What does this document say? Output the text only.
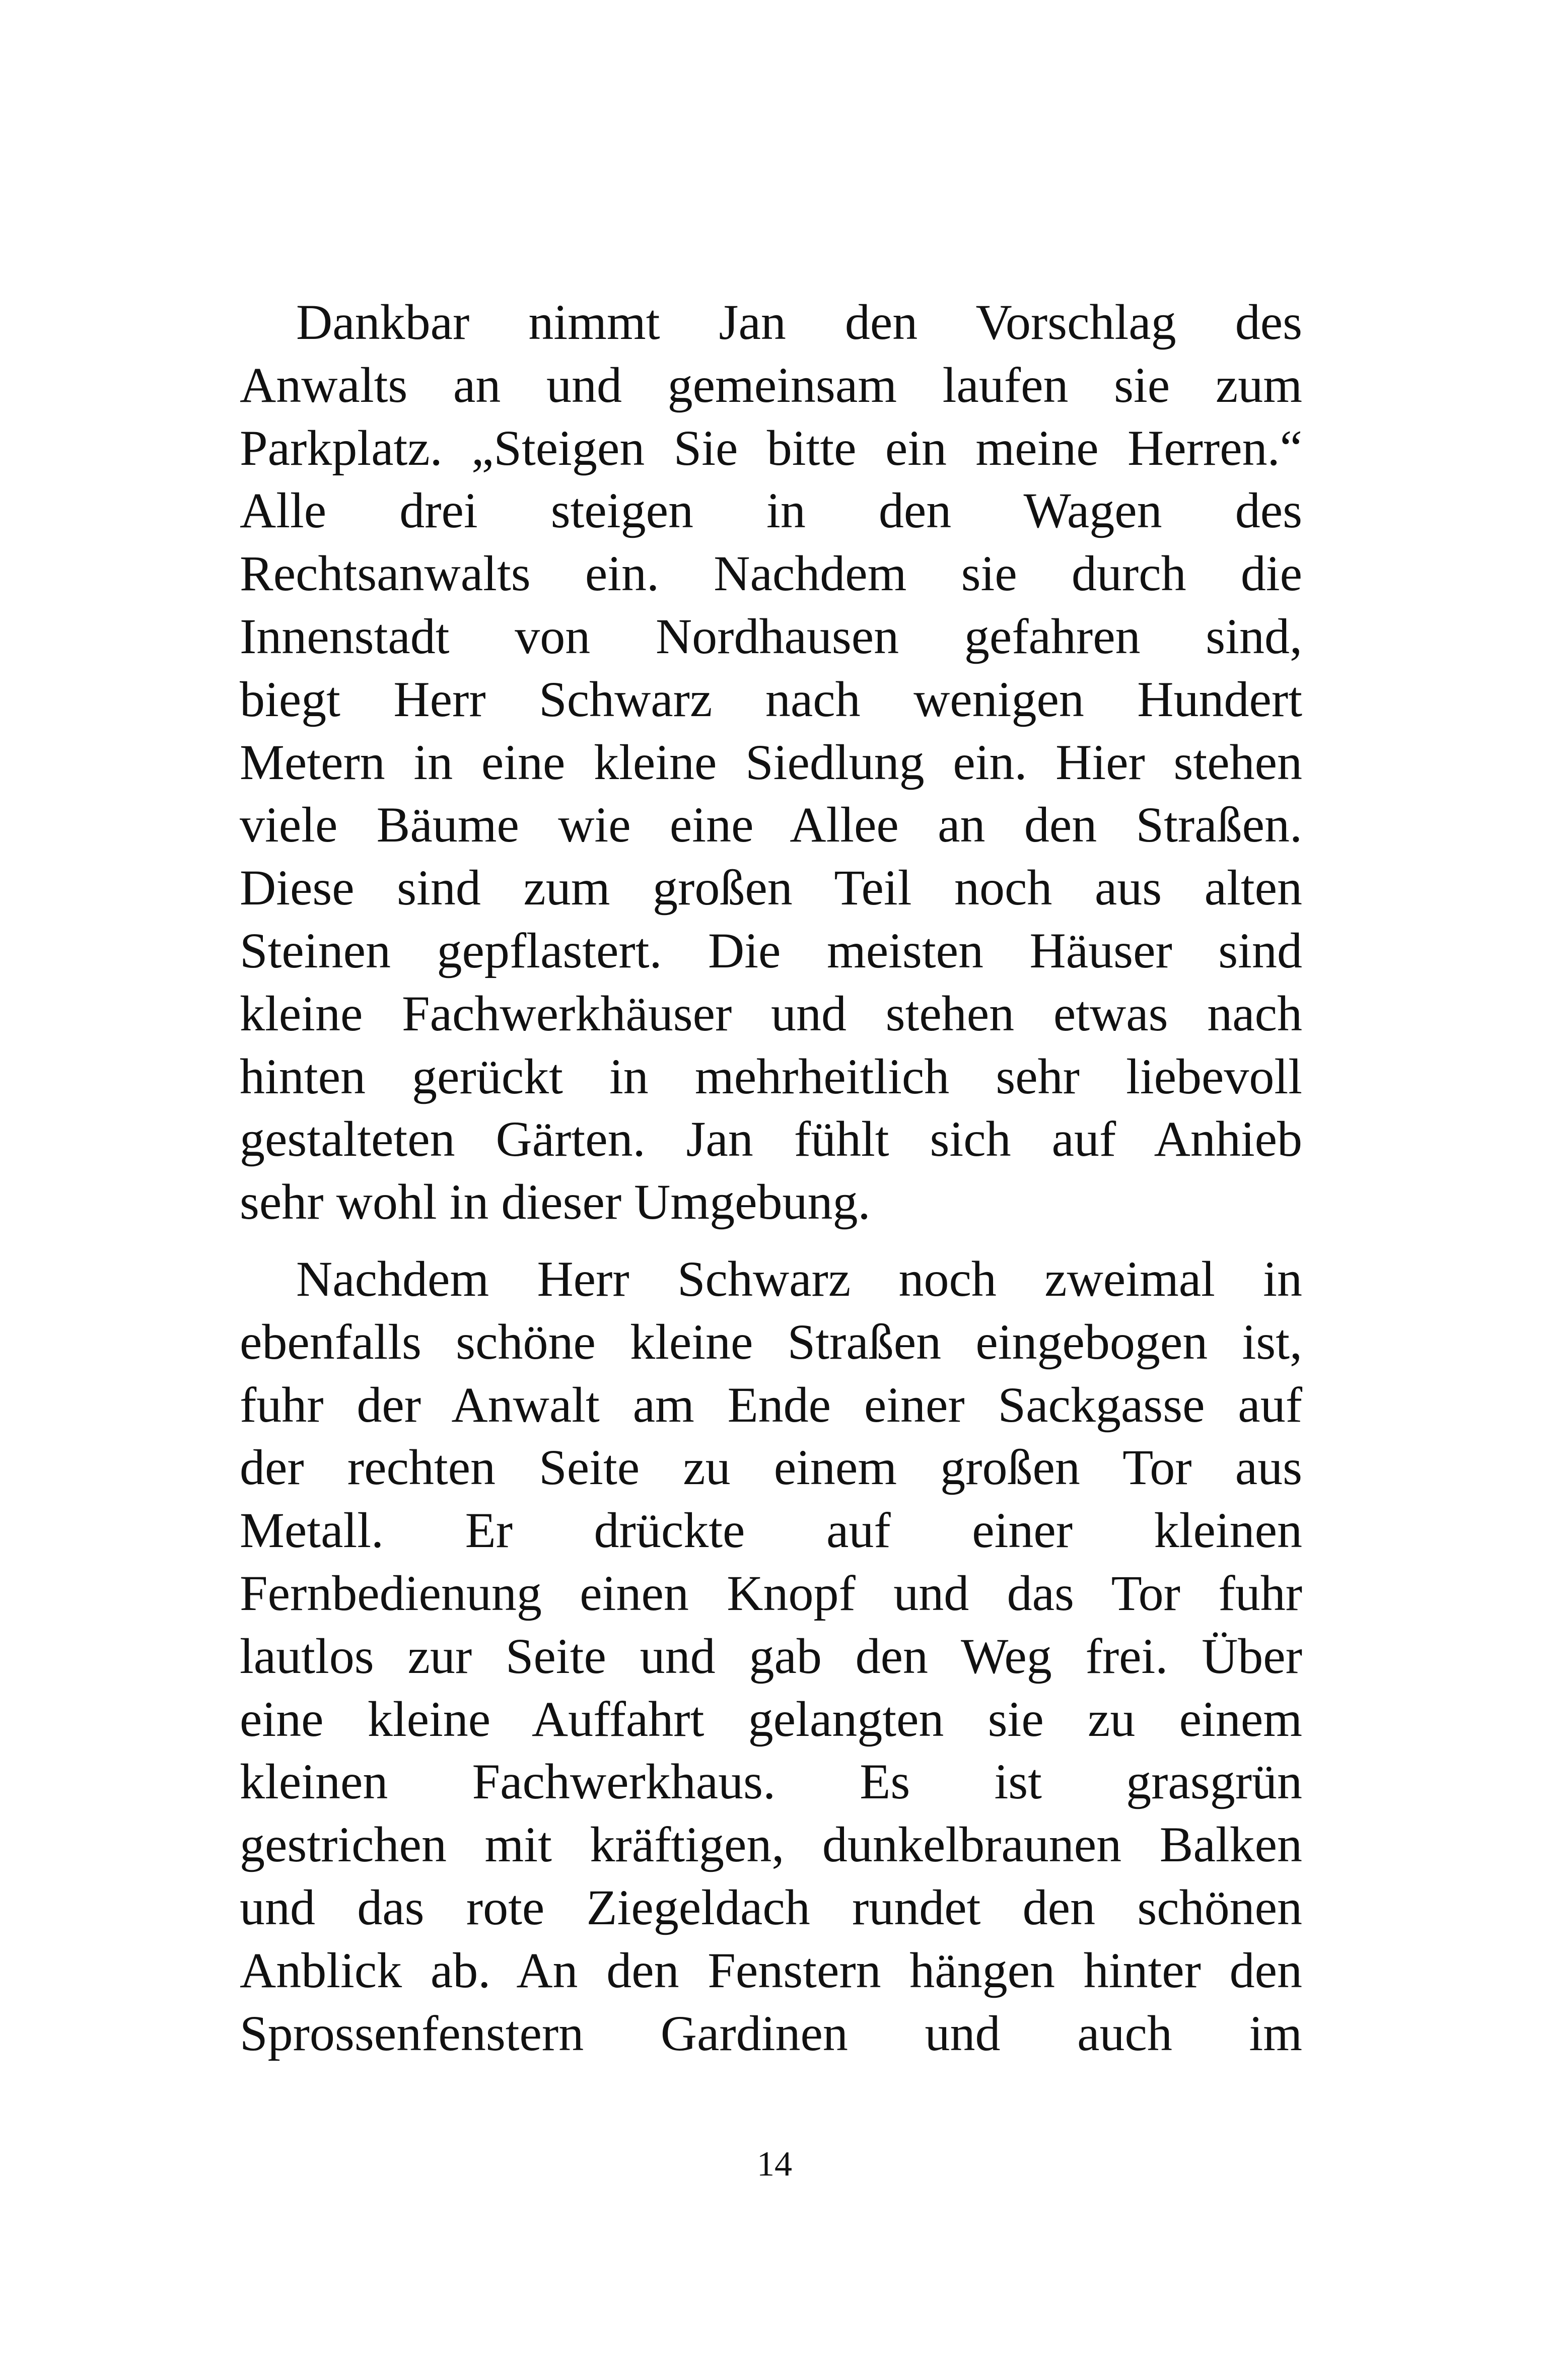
Dankbar nimmt Jan den Vorschlag des
Anwalts an und gemeinsam laufen sie zum
Parkplatz. „Steigen Sie bitte ein meine Herren.“
Alle drei steigen in den Wagen des
Rechtsanwalts ein. Nachdem sie durch die
Innenstadt von Nordhausen gefahren sind,
biegt Herr Schwarz nach wenigen Hundert
Metern in eine kleine Siedlung ein. Hier stehen
viele Bäume wie eine Allee an den Straßen.
Diese sind zum großen Teil noch aus alten
Steinen gepflastert. Die meisten Häuser sind
kleine Fachwerkhäuser und stehen etwas nach
hinten gerückt in mehrheitlich sehr liebevoll
gestalteten Gärten. Jan fühlt sich auf Anhieb
sehr wohl in dieser Umgebung.
Nachdem Herr Schwarz noch zweimal in
ebenfalls schöne kleine Straßen eingebogen ist,
fuhr der Anwalt am Ende einer Sackgasse auf
der rechten Seite zu einem großen Tor aus
Metall. Er drückte auf einer kleinen
Fernbedienung einen Knopf und das Tor fuhr
lautlos zur Seite und gab den Weg frei. Über
eine kleine Auffahrt gelangten sie zu einem
kleinen Fachwerkhaus. Es ist grasgrün
gestrichen mit kräftigen, dunkelbraunen Balken
und das rote Ziegeldach rundet den schönen
Anblick ab. An den Fenstern hängen hinter den
Sprossenfenstern Gardinen und auch im
14
